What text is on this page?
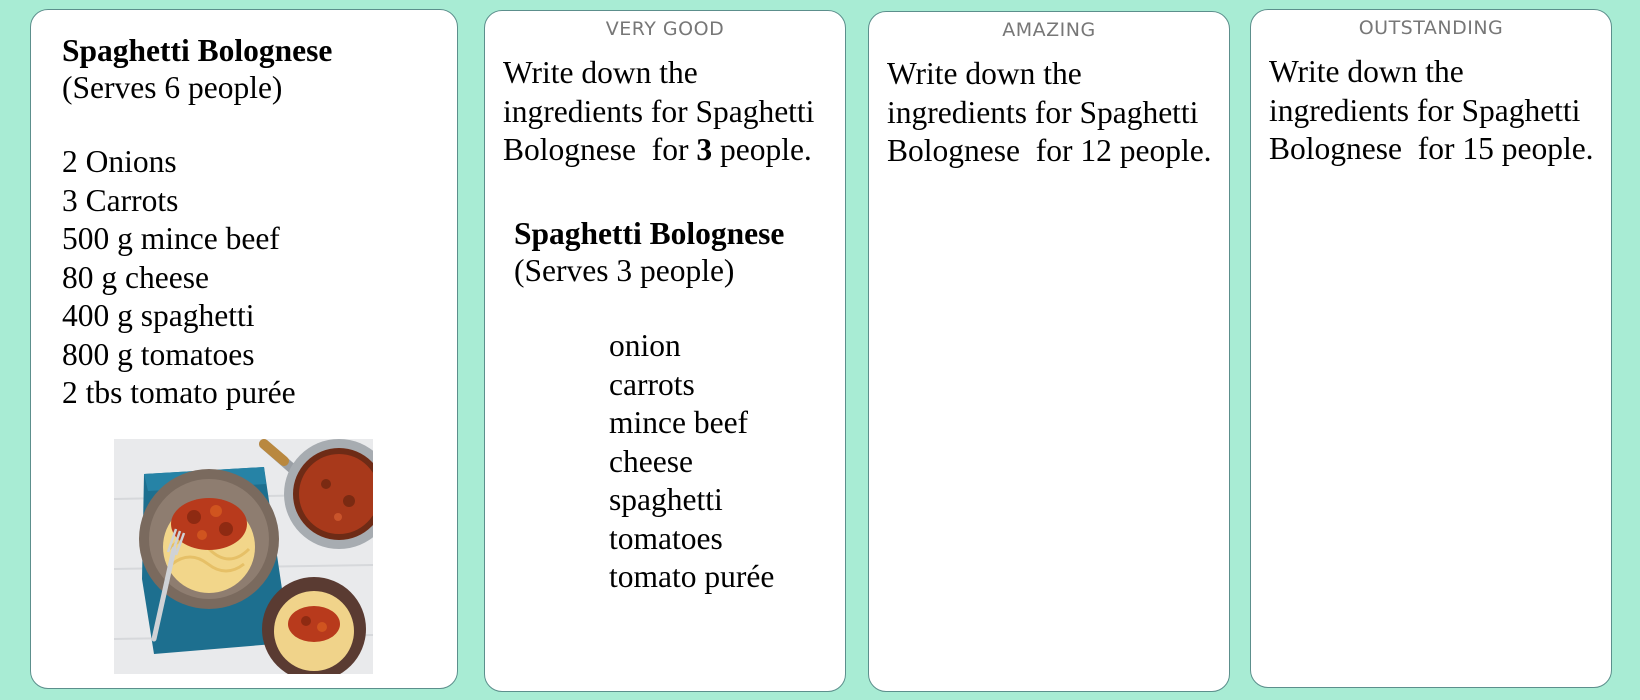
Spaghetti Bolognese
(Serves 6 people)
2 Onions
3 Carrots
500 g mince beef
80 g cheese
400 g spaghetti
800 g tomatoes
2 tbs tomato purée
VERY GOOD

Write down the
ingredients for Spaghetti
Bolognese  for 3 people.

Spaghetti Bolognese
(Serves 3 people)
onion
carrots
mince beef
cheese
spaghetti
tomatoes
tomato purée
AMAZING

Write down the
ingredients for Spaghetti
Bolognese  for 12 people.

OUTSTANDING

Write down the
ingredients for Spaghetti
Bolognese  for 15 people.
